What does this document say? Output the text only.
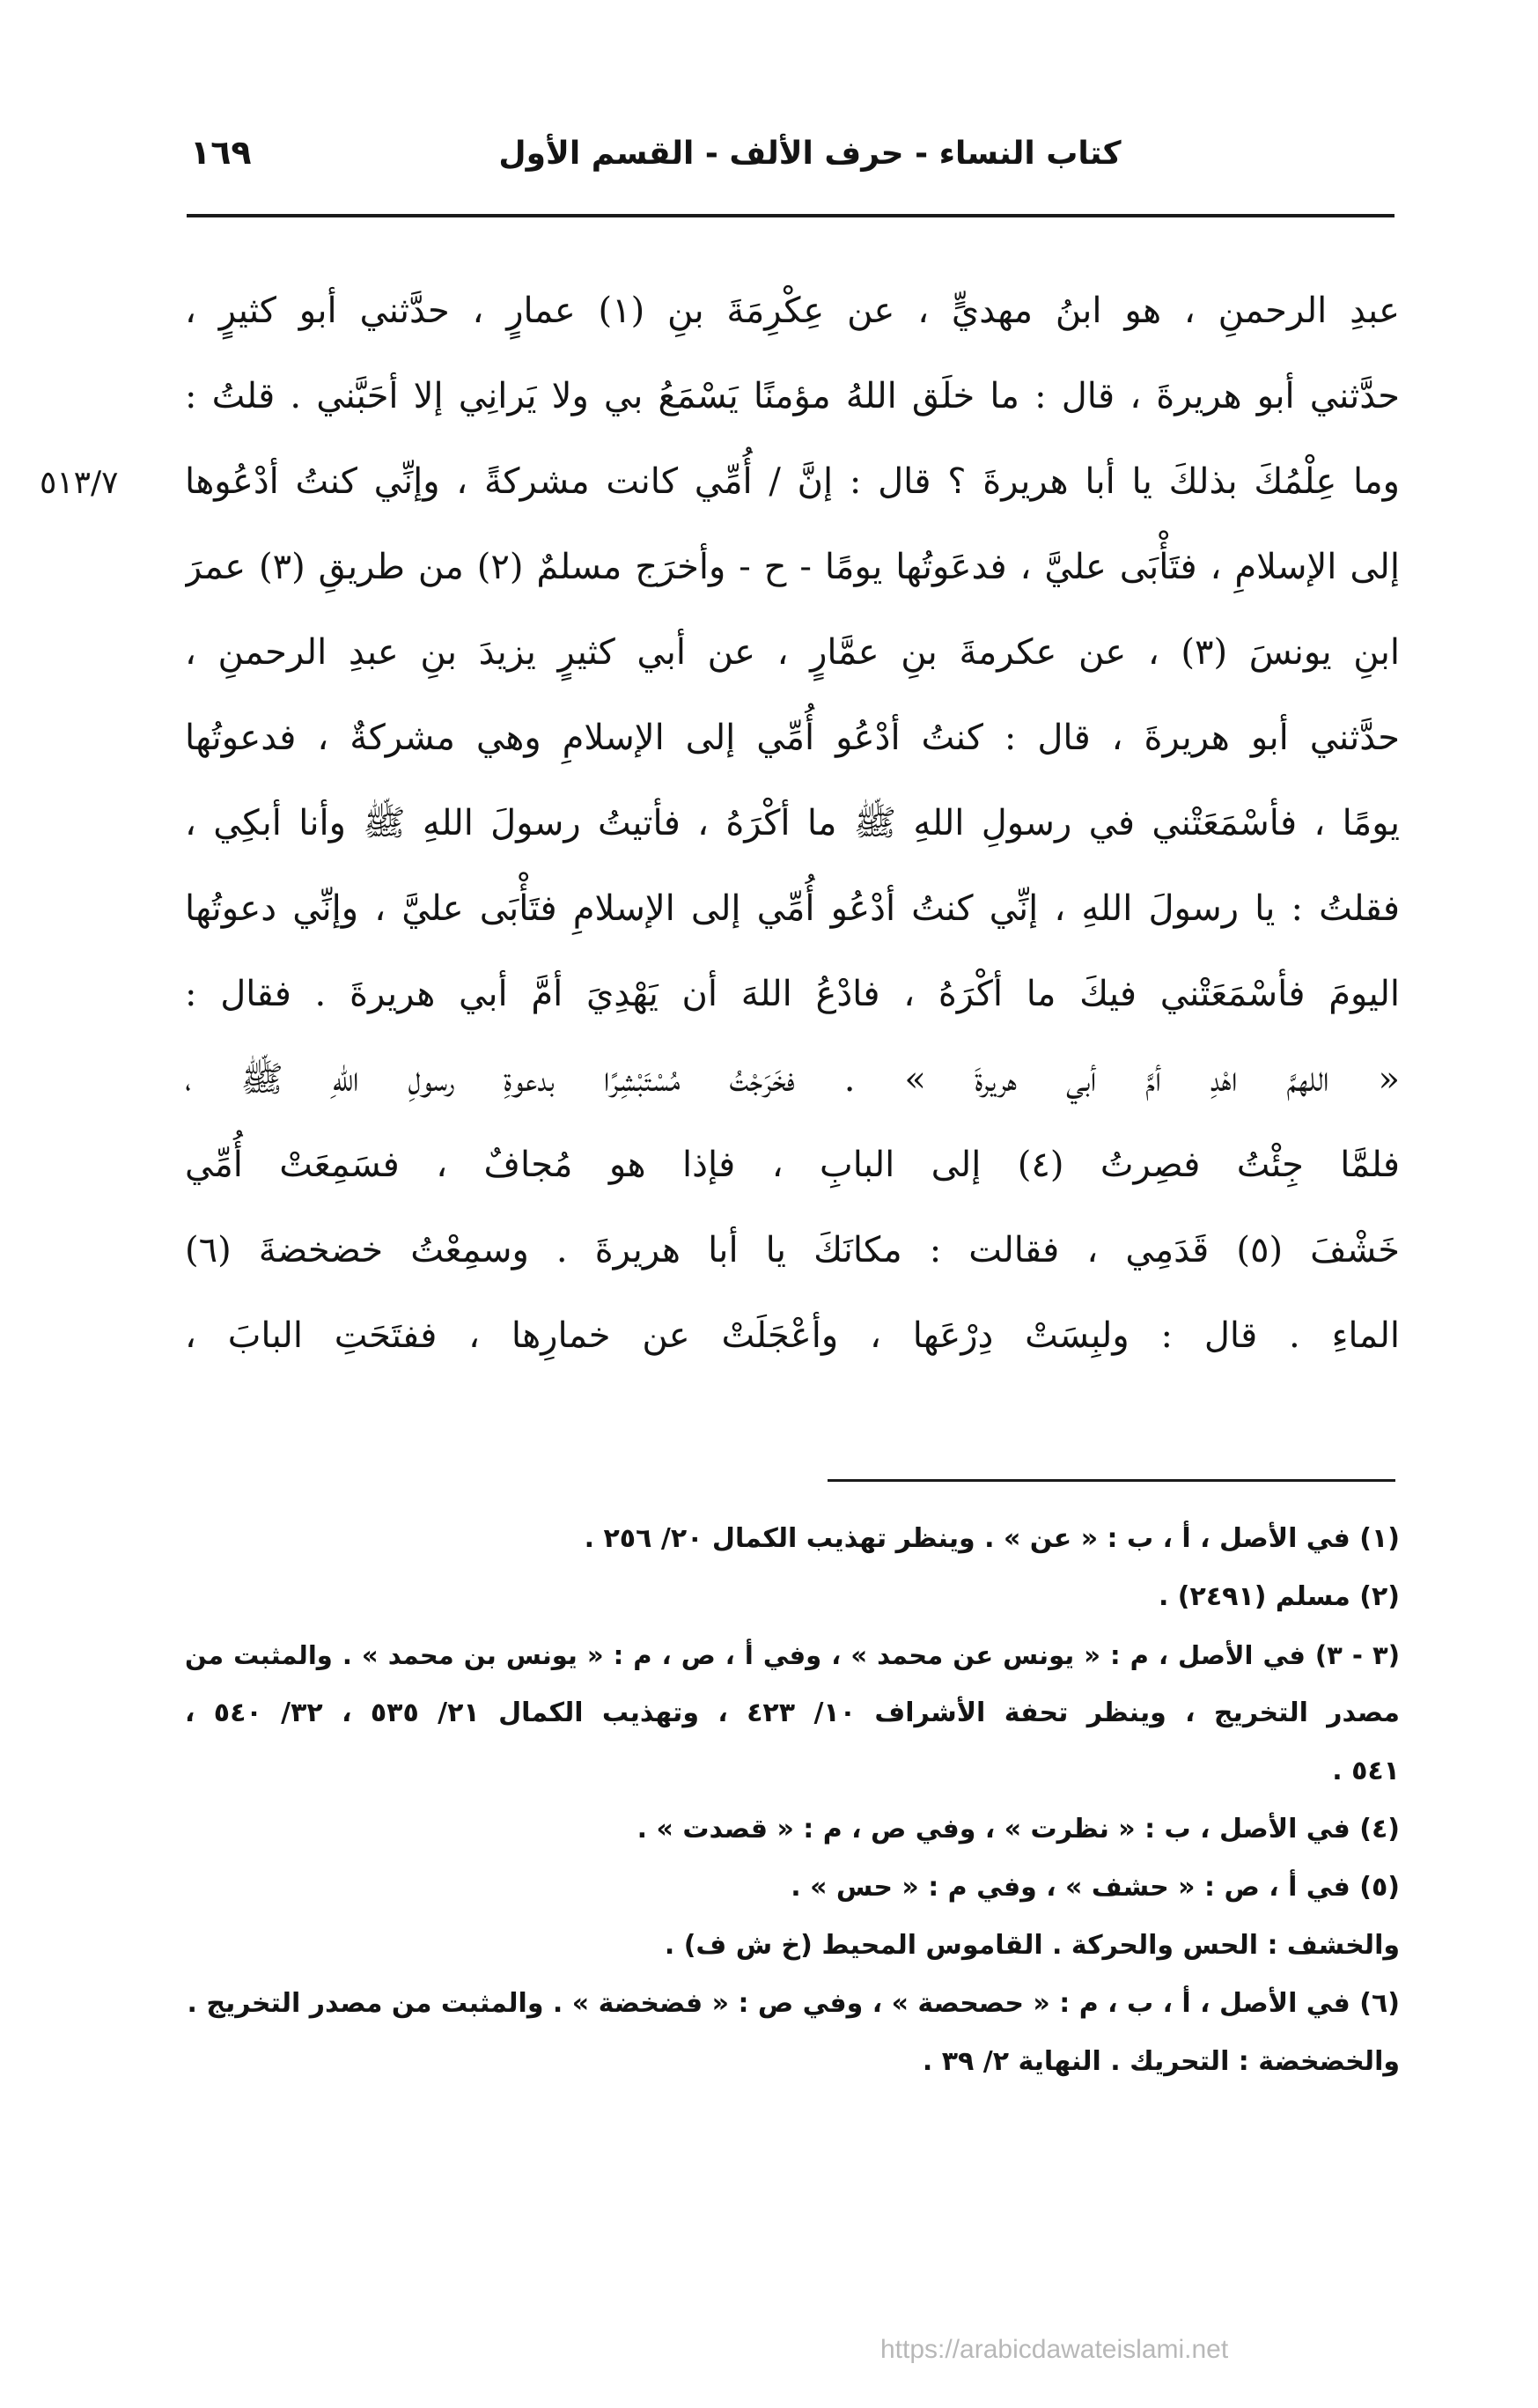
كتاب النساء - حرف الألف - القسم الأول
١٦٩
٥١٣/٧
عبدِ الرحمنِ ، هو ابنُ مهديٍّ ، عن عِكْرِمَةَ بنِ (١) عمارٍ ، حدَّثني أبو كثيرٍ ،
حدَّثني أبو هريرةَ ، قال : ما خلَق اللهُ مؤمنًا يَسْمَعُ بي ولا يَرانِي إلا أحَبَّني . قلتُ :
وما عِلْمُكَ بذلكَ يا أبا هريرةَ ؟ قال : إنَّ / أُمِّي كانت مشركةً ، وإنِّي كنتُ أدْعُوها
إلى الإسلامِ ، فتَأْبَى عليَّ ، فدعَوتُها يومًا - ح - وأخرَج مسلمٌ (٢) من طريقِ (٣) عمرَ
ابنِ يونسَ (٣) ، عن عكرمةَ بنِ عمَّارٍ ، عن أبي كثيرٍ يزيدَ بنِ عبدِ الرحمنِ ،
حدَّثني أبو هريرةَ ، قال : كنتُ أدْعُو أُمِّي إلى الإسلامِ وهي مشركةٌ ، فدعوتُها
يومًا ، فأسْمَعَتْني في رسولِ اللهِ ﷺ ما أكْرَهُ ، فأتيتُ رسولَ اللهِ ﷺ وأنا أبكِي ،
فقلتُ : يا رسولَ اللهِ ، إنِّي كنتُ أدْعُو أُمِّي إلى الإسلامِ فتَأْبَى عليَّ ، وإنِّي دعوتُها
اليومَ فأسْمَعَتْني فيكَ ما أكْرَهُ ، فادْعُ اللهَ أن يَهْدِيَ أمَّ أبي هريرةَ . فقال :
« اللهمَّ اهْدِ أمَّ أبي هريرةَ » . فخَرَجْتُ مُسْتَبْشِرًا بدعوةِ رسولِ اللهِ ﷺ ،
فلمَّا جِئْتُ فصِرتُ (٤) إلى البابِ ، فإذا هو مُجافٌ ، فسَمِعَتْ أُمِّي
خَشْفَ (٥) قَدَمِي ، فقالت : مكانَكَ يا أبا هريرةَ . وسمِعْتُ خضخضةَ (٦)
الماءِ . قال : ولبِسَتْ دِرْعَها ، وأعْجَلَتْ عن خمارِها ، ففتَحَتِ البابَ ،
(١) في الأصل ، أ ، ب : « عن » . وينظر تهذيب الكمال ٢٠/ ٢٥٦ .
(٢) مسلم (٢٤٩١) .
(٣ - ٣) في الأصل ، م : « يونس عن محمد » ، وفي أ ، ص ، م : « يونس بن محمد » . والمثبت من
مصدر التخريج ، وينظر تحفة الأشراف ١٠/ ٤٢٣ ، وتهذيب الكمال ٢١/ ٥٣٥ ، ٣٢/ ٥٤٠ ،
٥٤١ .
(٤) في الأصل ، ب : « نظرت » ، وفي ص ، م : « قصدت » .
(٥) في أ ، ص : « حشف » ، وفي م : « حس » .
والخشف : الحس والحركة . القاموس المحيط (خ ش ف) .
(٦) في الأصل ، أ ، ب ، م : « حصحصة » ، وفي ص : « فضخضة » . والمثبت من مصدر التخريج .
والخضخضة : التحريك . النهاية ٢/ ٣٩ .
https://arabicdawateislami.net
